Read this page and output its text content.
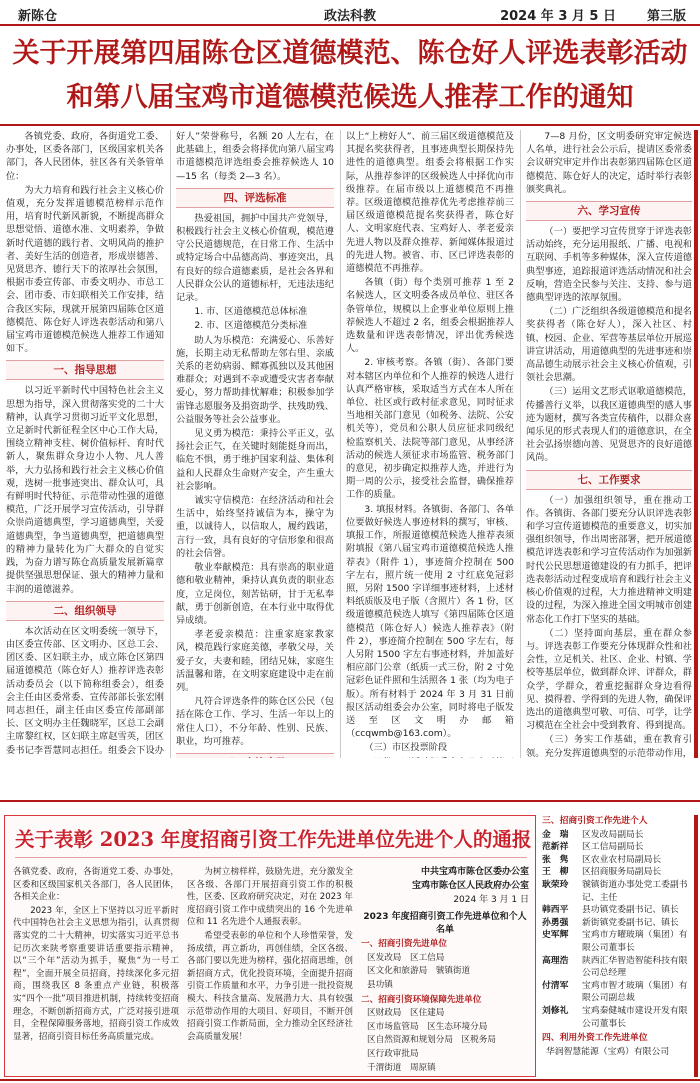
新陈仓	政法科教	2024 年 3 月 5 日 第三版
关于开展第四届陈仓区道德模范、陈仓好人评选表彰活动
和第八届宝鸡市道德模范候选人推荐工作的通知

各镇党委、政府，各街道党工委、办事处，区委各部门，区级国家机关各部门，各人民团体，驻区各有关条管单位：

为大力培育和践行社会主义核心价值观，充分发挥道德模范榜样示范作用，培育时代新风新貌，不断提高群众思想觉悟、道德水准、文明素养，争做新时代道德的践行者、文明风尚的推护者、美好生活的创造者，形成崇德善、见贤思齐、德行天下的浓厚社会氛围，根据市委宣传部、市委文明办、市总工会、团市委、市妇联相关工作安排，结合我区实际，现就开展第四届陈仓区道德模范、陈仓好人评选表彰活动和第八届宝鸡市道德模范候选人推荐工作通知如下。

一、指导思想

以习近平新时代中国特色社会主义思想为指导，深入贯彻落实党的二十大精神，认真学习贯彻习近平文化思想，立足新时代新征程全区中心工作大局，围绕立精神支柱、树价值标杆、育时代新人，聚焦群众身边小人物、凡人善举，大力弘扬和践行社会主义核心价值观，选树一批事迹突出、群众认可，具有鲜明时代特征、示范带动性强的道德模范，广泛开展学习宣传活动，引导群众崇尚道德典型，学习道德典型，关爱道德典型，争当道德典型，把道德典型的精神力量转化为广大群众的自觉实践，为奋力谱写陈仓高质量发展新篇章提供坚强思想保证、强大的精神力量和丰润的道德滋养。

二、组织领导

本次活动在区文明委统一领导下，由区委宣传部、区文明办、区总工会、团区委、区妇联主办，成立陈仓区第四届道德模范（陈仓好人）推荐评选表彰活动委员会（以下简称组委会），组委会主任由区委常委、宣传部部长张宏刚同志担任，副主任由区委宣传部副部长、区文明办主任魏晓军，区总工会副主席黎红权，区妇联主席赵雪英，团区委书记李晋慧同志担任。组委会下设办

好人”荣誉称号，名额 20 人左右，在此基础上，组委会将择优向第八届宝鸡市道德模范评选组委会推荐候选人 10—15 名（每类 2—3 名）。

四、评选标准

热爱祖国，拥护中国共产党领导，积极践行社会主义核心价值观，模范遵守公民道德规范，在日常工作、生活中或特定场合中品德高尚、事迹突出，具有良好的综合道德素质，是社会各界和人民群众公认的道德标杆，无违法违纪记录。

1. 市、区道德模范总体标准

2. 市、区道德模范分类标准

助人为乐模范：充满爱心、乐善好施，长期主动无私帮助左邻右里、亲戚关系的老幼病弱、鳏寡孤独以及其他困难群众；对遇到不幸或遭受灾害者奉献爱心，努力帮助排忧解难；积极参加学雷锋志愿服务及捐资助学、扶残助残、公益服务等社会公益事业。

见义勇为模范：秉持公平正义，弘扬社会正气，在关键时刻能挺身而出，临危不惧，勇于维护国家利益、集体利益和人民群众生命财产安全，产生重大社会影响。

诚实守信模范：在经济活动和社会生活中，始终坚持诚信为本，操守为重，以诚待人，以信取人，履约践诺，言行一致，具有良好的守信形象和很高的社会信誉。

敬业奉献模范：具有崇高的职业道德和敬业精神，秉持认真负责的职业态度，立足岗位，刻苦钻研，甘于无私奉献，勇于创新创造，在本行业中取得优异成绩。

孝老爱亲模范：注重家庭家教家风，模范践行家庭美德，孝敬父母，关爱子女，夫妻和睦，团结兄妹，家庭生活温馨和谐，在文明家庭建设中走在前列。

凡符合评选条件的陈仓区公民（包括在陈仓工作、学习、生活一年以上的常住人口），不分年龄、性别、民族、职业，均可推荐。

以上“上榜好人”、前三届区级道德模范及其提名奖获得者，且事迹典型长期保持先进性的道德典型。组委会将根据工作实际，从推荐参评的区级候选人中择优向市级推荐。在届市级以上道德模范不再推荐。区级道德模范推荐优先考虑推荐前三届区级道德模范提名奖获得者，陈仓好人、文明家庭代表、宝鸡好人、孝老爱亲先进人物以及群众推荐、新闻媒体报道过的先进人物。被省、市、区已评选表彰的道德模范不再推荐。

各镇（街）每个类别可推荐 1 至 2 名候选人，区文明委各成员单位、驻区各条管单位，规模以上企事业单位原则上推荐候选人不超过 2 名，组委会根据推荐人选数量和评选表彰情况，评出优秀候选人。

2. 审核考察。各镇（街）、各部门要对本辖区内单位和个人推荐的候选人进行认真严格审核，采取适当方式在本人所在单位、社区或行政村征求意见，同时征求当地相关部门意见（如税务、法院、公安机关等），党员和公职人员应征求同级纪检监察机关、法院等部门意见，从事经济活动的候选人须征求市场监管、税务部门的意见，初步确定拟推荐人选，并进行为期一周的公示，接受社会监督，确保推荐工作的质量。

3. 填报材料。各镇街、各部门、各单位要做好候选人事迹材料的撰写，审核、填报工作，所报道德模范候选人推荐表须附填报《第八届宝鸡市道德模范候选人推荐表》（附件 1），事迹简介控制在 500 字左右，照片统一使用 2 寸红底免冠彩照，另附 1500 字详细事迹材料，上述材料纸质版及电子版（含照片）各 1 份，区级道德模范候选人填写《第四届陈仓区道德模范（陈仓好人）候选人推荐表》（附件 2），事迹简介控制在 500 字左右，每人另附 1500 字左右事迹材料，并加盖好相应部门公章（纸质一式三份，附 2 寸免冠彩色证件照和生活照各 1 张（均为电子版）。所有材料于 2024 年 3 月 31 日前报区活动组委会办公室，同时将电子版发送至区文明办邮箱（ccqwmb@163.com）。

（三）市区投票阶段

7—8 月份，区文明委研究审定候选人名单，进行社会公示后，提请区委常委会议研究审定并作出表彰第四届陈仓区道德模范、陈仓好人的决定，适时举行表彰颁奖典礼。

六、学习宣传

（一）要把学习宣传贯穿于评选表彰活动始终，充分运用报纸、广播、电视和互联网、手机等多种媒体，深入宣传道德典型事迹，追踪报道评选活动情况和社会反响，营造全民参与关注、支持、参与道德典型评选的浓厚氛围。

（二）广泛组织各级道德模范和提名奖获得者（陈仓好人），深入社区、村镇、校园、企业、军营等基层单位开展巡讲宣讲活动，用道德典型的先进事迹和崇高品德生动展示社会主义核心价值观，引领社会思潮。

（三）运用文艺形式讴歌道德模范，传播善行义举，以我区道德典型的感人事迹为题材，撰写各类宣传稿件，以群众喜闻乐见的形式表现人们的道德意识，在全社会弘扬崇德向善、见贤思齐的良好道德风尚。

七、工作要求

（一）加强组织领导，重在推动工作。各镇街、各部门要充分认识评选表彰和学习宣传道德模范的重要意义，切实加强组织领导，作出周密部署，把开展道德模范评选表彰和学习宣传活动作为加强新时代公民思想道德建设的有力抓手，把评选表彰活动过程变成培育和践行社会主义核心价值观的过程，大力推进精神文明建设的过程，为深入推进全国文明城市创建常态化工作打下坚实的基础。

（二）坚持面向基层，重在群众参与。评选表彰工作要充分体现群众性和社会性，立足机关、社区、企业、村镇、学校等基层单位，做到群众评、评群众，群众学，学群众，着重挖掘群众身边看得见、摸得着、学得到的先进人物，确保评选出的道德典型可敬、可信、可学，让学习模范在全社会中受到教育、得到提高。

（三）务实工作基础，重在教育引领。充分发挥道德典型的示范带动作用，

关于表彰 2023 年度招商引资工作先进单位先进个人的通报

各镇党委、政府，各街道党工委、办事处，区委和区级国家机关各部门，各人民团体，各相关企业：

2023 年，全区上下坚持以习近平新时代中国特色社会主义思想为指引，认真贯彻落实党的二十大精神，切实落实习近平总书记历次来陕考察重要讲话重要指示精神，以“三个年”活动为抓手，聚焦“为一号工程”，全面开展全员招商，持续深化多元招商，围绕我区 8 条重点产业链，积极落实“四个一批”项目推进机制，持续转变招商理念，不断创新招商方式，广泛对接引进项目，全程保障服务落地，招商引资工作成效显著，招商引资目标任务高质量完成。

为树立榜样样，鼓励先进，充分激发全区各级、各部门开展招商引资工作的积极性，区委、区政府研究决定，对在 2023 年度招商引资工作中成绩突出的 16 个先进单位和 11 名先进个人通报表彰。

希望受表彰的单位和个人珍惜荣誉，发扬成绩，再立新功，再创佳绩，全区各级、各部门要以先进为榜样，强化招商思维，创新招商方式，优化投资环境，全面提升招商引资工作质量和水平，力争引进一批投资规模大、科技含量高、发展潜力大、具有较强示范带动作用的大项目、好项目，不断开创招商引资工作新局面，全力推动全区经济社会高质量发展！

中共宝鸡市陈仓区委办公室

宝鸡市陈仓区人民政府办公室

2024 年 3 月 1 日

2023 年度招商引资工作先进单位和个人名单

一、招商引资先进单位

区发改局　区工信局

区文化和旅游局　虢镇街道

县功镇

二、招商引资环境保障先进单位

区财政局　区住建局

区市场监管局　区生态环境分局

区自然资源和规划分局　区税务局

区行政审批局

千渭街道　周原镇

三、招商引资工作先进个人
金　瑞	区发改局副局长
范新祥	区工信局副局长
张　隽	区农业农村局副局长
王　柳	区招商服务局副局长
耿荣玲	虢镇街道办事处党工委副书记、主任
韩西平	县功镇党委副书记、镇长
孙勇强	新街镇党委副书记、镇长
史军辉	宝鸡市方曜玻璃（集团）有限公司董事长
高理浩	陕西汇华智造智能科技有限公司总经理
付清军	宝鸡市智才玻璃（集团）有限公司副总裁
刘修礼	宝鸡秦健城市建设开发有限公司董事长
四、利用外资工作先进单位
华润智慧能源（宝鸡）有限公司
